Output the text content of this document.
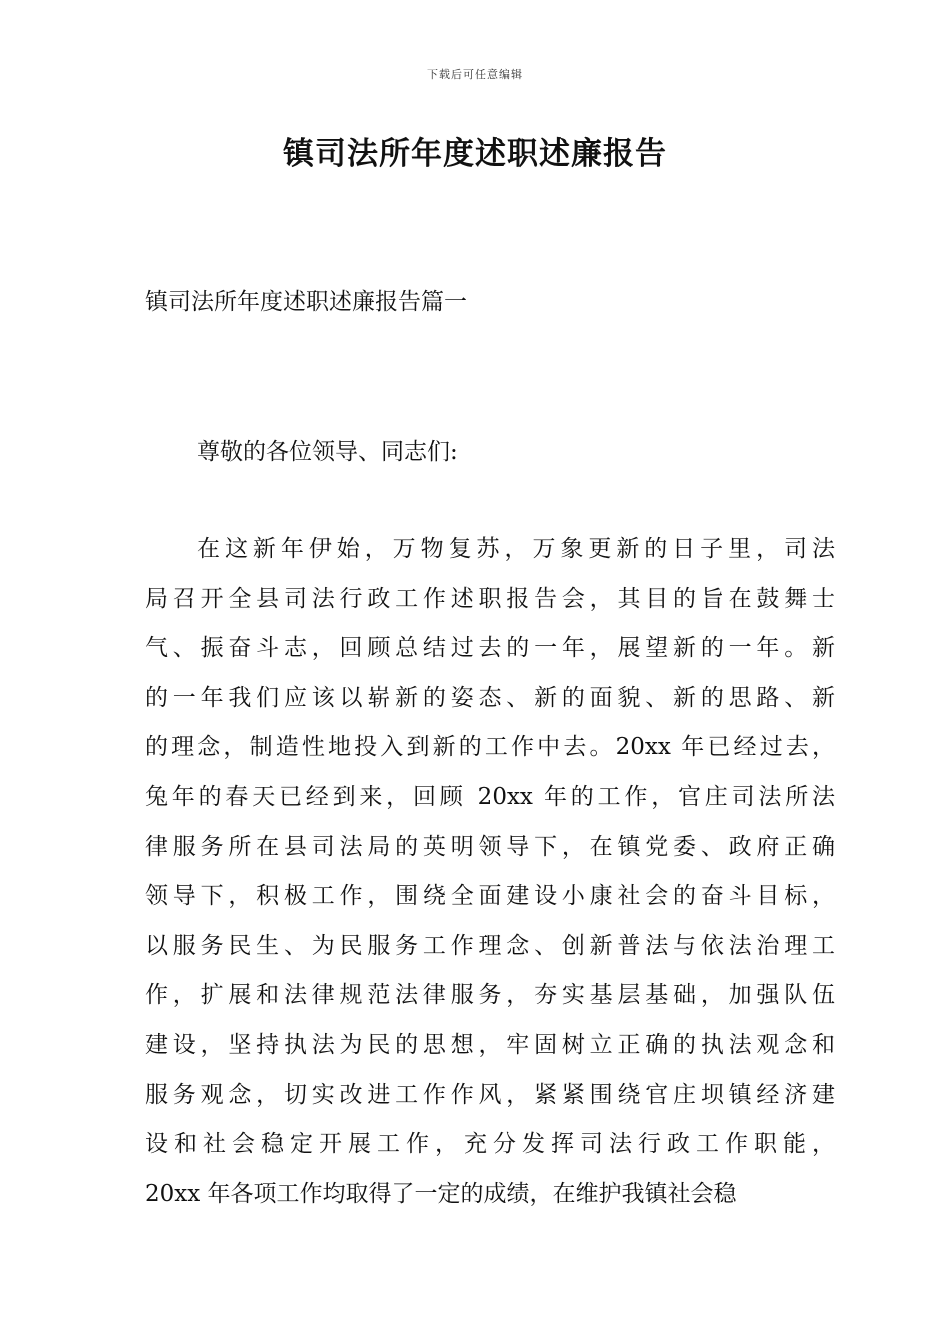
下载后可任意编辑
镇司法所年度述职述廉报告

镇司法所年度述职述廉报告篇一

尊敬的各位领导、同志们:

在这新年伊始，万物复苏，万象更新的日子里，司法
局召开全县司法行政工作述职报告会，其目的旨在鼓舞士
气、振奋斗志，回顾总结过去的一年，展望新的一年。新
的一年我们应该以崭新的姿态、新的面貌、新的思路、新
的理念，制造性地投入到新的工作中去。20xx 年已经过去，
兔年的春天已经到来，回顾 20xx 年的工作，官庄司法所法
律服务所在县司法局的英明领导下，在镇党委、政府正确
领导下，积极工作，围绕全面建设小康社会的奋斗目标，
以服务民生、为民服务工作理念、创新普法与依法治理工
作，扩展和法律规范法律服务，夯实基层基础，加强队伍
建设，坚持执法为民的思想，牢固树立正确的执法观念和
服务观念，切实改进工作作风，紧紧围绕官庄坝镇经济建
设和社会稳定开展工作，充分发挥司法行政工作职能，
20xx 年各项工作均取得了一定的成绩，在维护我镇社会稳
